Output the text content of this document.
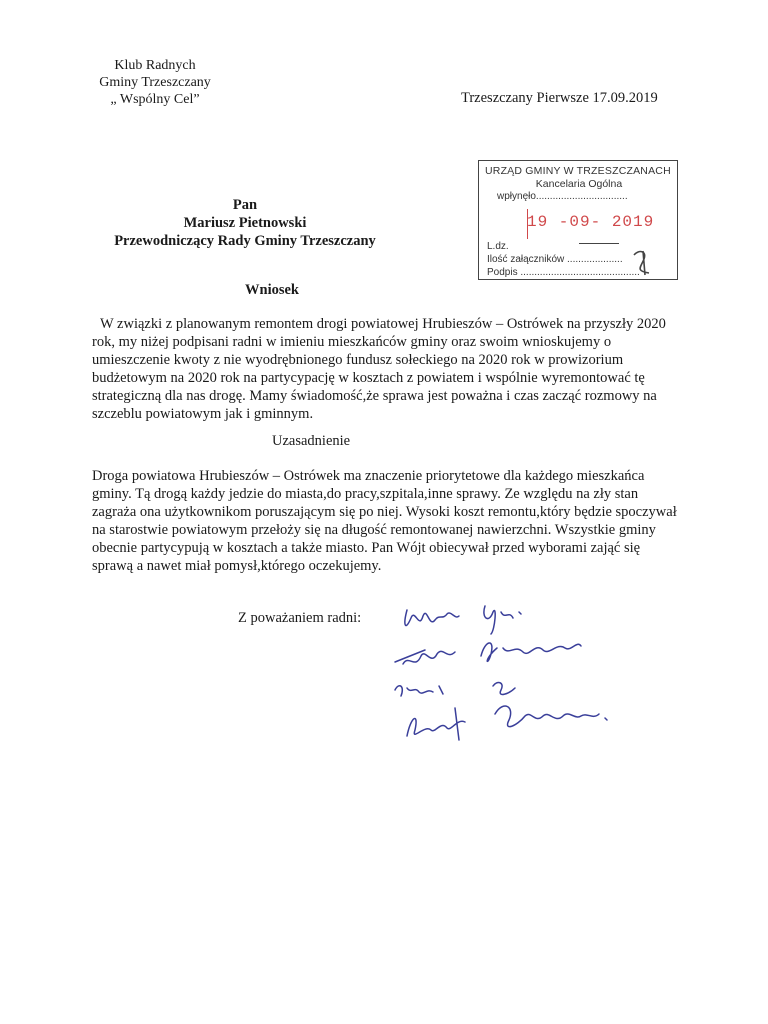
Klub Radnych
Gminy Trzeszczany
„ Wspólny Cel”	Trzeszczany Pierwsze 17.09.2019
URZĄD GMINY W TRZESZCZANACH
Kancelaria Ogólna
wpłynęło.................................
19 -09- 2019
L.dz.
Ilość załączników ....................
Podpis ...........................................
Pan
Mariusz Pietnowski
Przewodniczący Rady Gminy Trzeszczany
Wniosek
W związki z planowanym remontem drogi powiatowej Hrubieszów – Ostrówek na przyszły 2020 rok, my niżej podpisani radni w imieniu mieszkańców gminy oraz swoim wnioskujemy o umieszczenie kwoty z nie wyodrębnionego fundusz sołeckiego na 2020 rok w prowizorium budżetowym na 2020 rok na partycypację w kosztach z powiatem i wspólnie wyremontować tę strategiczną dla nas drogę. Mamy świadomość,że sprawa jest poważna i czas zacząć rozmowy na szczeblu powiatowym jak i gminnym.
Uzasadnienie
Droga powiatowa Hrubieszów – Ostrówek ma znaczenie priorytetowe dla każdego mieszkańca gminy. Tą drogą każdy jedzie do miasta,do pracy,szpitala,inne sprawy. Ze względu na zły stan zagraża ona użytkownikom poruszającym się po niej. Wysoki koszt remontu,który będzie spoczywał na starostwie powiatowym przełoży się na długość remontowanej nawierzchni. Wszystkie gminy obecnie partycypują w kosztach a także miasto. Pan Wójt obiecywał przed wyborami zająć się sprawą a nawet miał pomysł,którego oczekujemy.
Z poważaniem radni:
